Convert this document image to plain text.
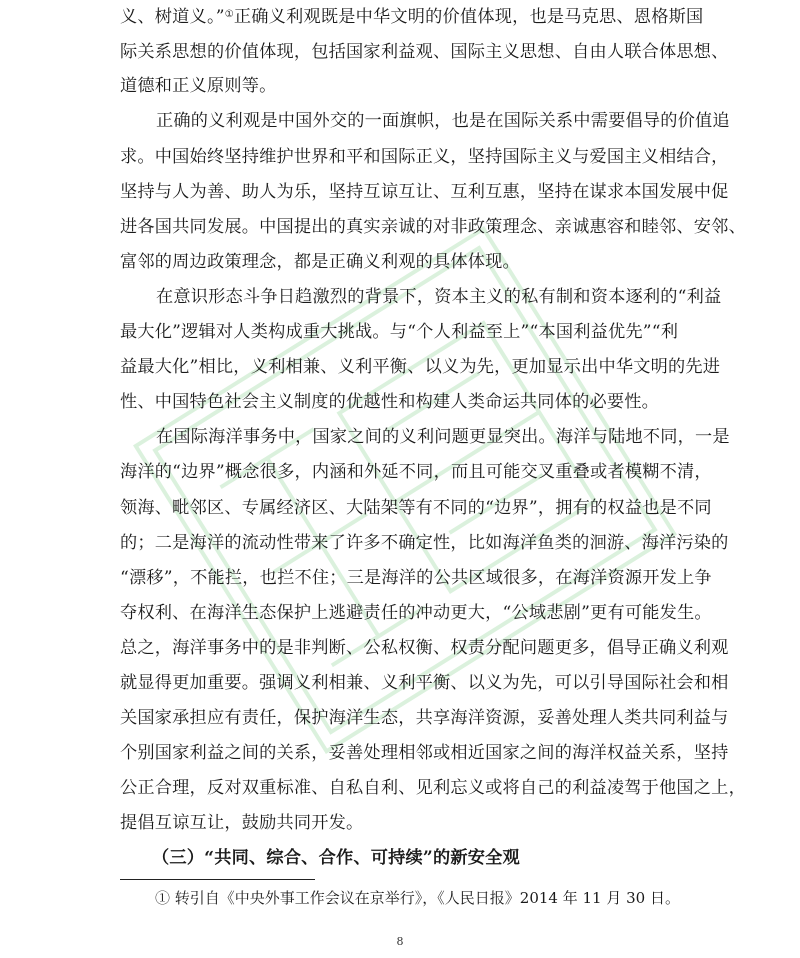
义、树道义。”①正确义利观既是中华文明的价值体现，也是马克思、恩格斯国
际关系思想的价值体现，包括国家利益观、国际主义思想、自由人联合体思想、
道德和正义原则等。
正确的义利观是中国外交的一面旗帜，也是在国际关系中需要倡导的价值追
求。中国始终坚持维护世界和平和国际正义，坚持国际主义与爱国主义相结合，
坚持与人为善、助人为乐，坚持互谅互让、互利互惠，坚持在谋求本国发展中促
进各国共同发展。中国提出的真实亲诚的对非政策理念、亲诚惠容和睦邻、安邻、
富邻的周边政策理念，都是正确义利观的具体体现。
在意识形态斗争日趋激烈的背景下，资本主义的私有制和资本逐利的“利益
最大化”逻辑对人类构成重大挑战。与“个人利益至上”“本国利益优先”“利
益最大化”相比，义利相兼、义利平衡、以义为先，更加显示出中华文明的先进
性、中国特色社会主义制度的优越性和构建人类命运共同体的必要性。
在国际海洋事务中，国家之间的义利问题更显突出。海洋与陆地不同，一是
海洋的“边界”概念很多，内涵和外延不同，而且可能交叉重叠或者模糊不清，
领海、毗邻区、专属经济区、大陆架等有不同的“边界”，拥有的权益也是不同
的；二是海洋的流动性带来了许多不确定性，比如海洋鱼类的洄游、海洋污染的
“漂移”，不能拦，也拦不住；三是海洋的公共区域很多，在海洋资源开发上争
夺权利、在海洋生态保护上逃避责任的冲动更大，“公域悲剧”更有可能发生。
总之，海洋事务中的是非判断、公私权衡、权责分配问题更多，倡导正确义利观
就显得更加重要。强调义利相兼、义利平衡、以义为先，可以引导国际社会和相
关国家承担应有责任，保护海洋生态，共享海洋资源，妥善处理人类共同利益与
个别国家利益之间的关系，妥善处理相邻或相近国家之间的海洋权益关系，坚持
公正合理，反对双重标准、自私自利、见利忘义或将自己的利益凌驾于他国之上，
提倡互谅互让，鼓励共同开发。
（三）“共同、综合、合作、可持续”的新安全观
① 转引自《中央外事工作会议在京举行》，《人民日报》2014 年 11 月 30 日。
8
